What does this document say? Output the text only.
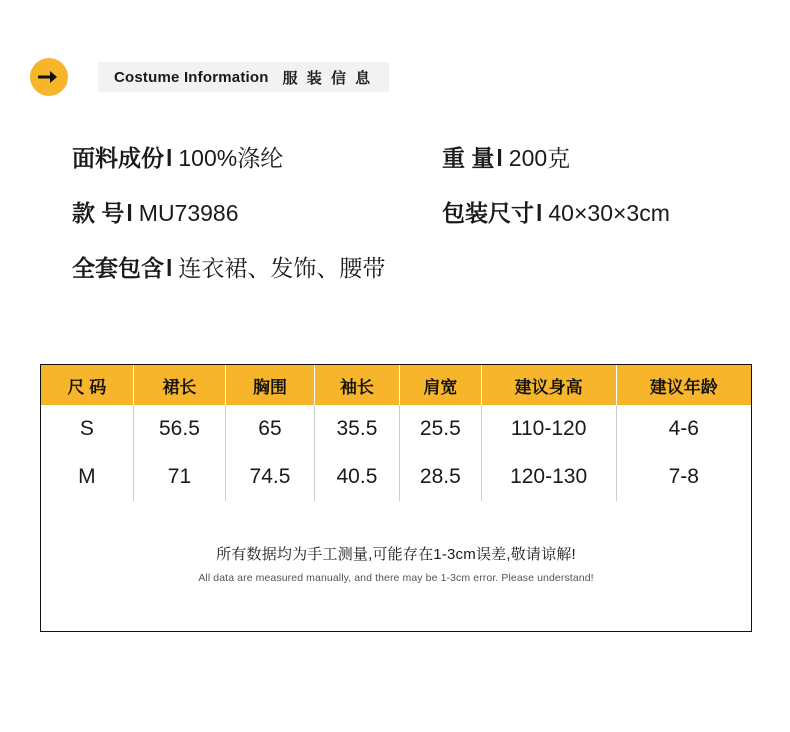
Costume Information 服 装 信 息
面料成份 l 100%涤纶	重 量 l 200克
款 号 l MU73986	包装尺寸 l 40×30×3cm
全套包含 l 连衣裙、发饰、腰带
尺 码	裙长	胸围	袖长	肩宽	建议身高	建议年龄
S	56.5	65	35.5	25.5	110-120	4-6
M	71	74.5	40.5	28.5	120-130	7-8
所有数据均为手工测量,可能存在1-3cm误差,敬请谅解!
All data are measured manually, and there may be 1-3cm error. Please understand!
